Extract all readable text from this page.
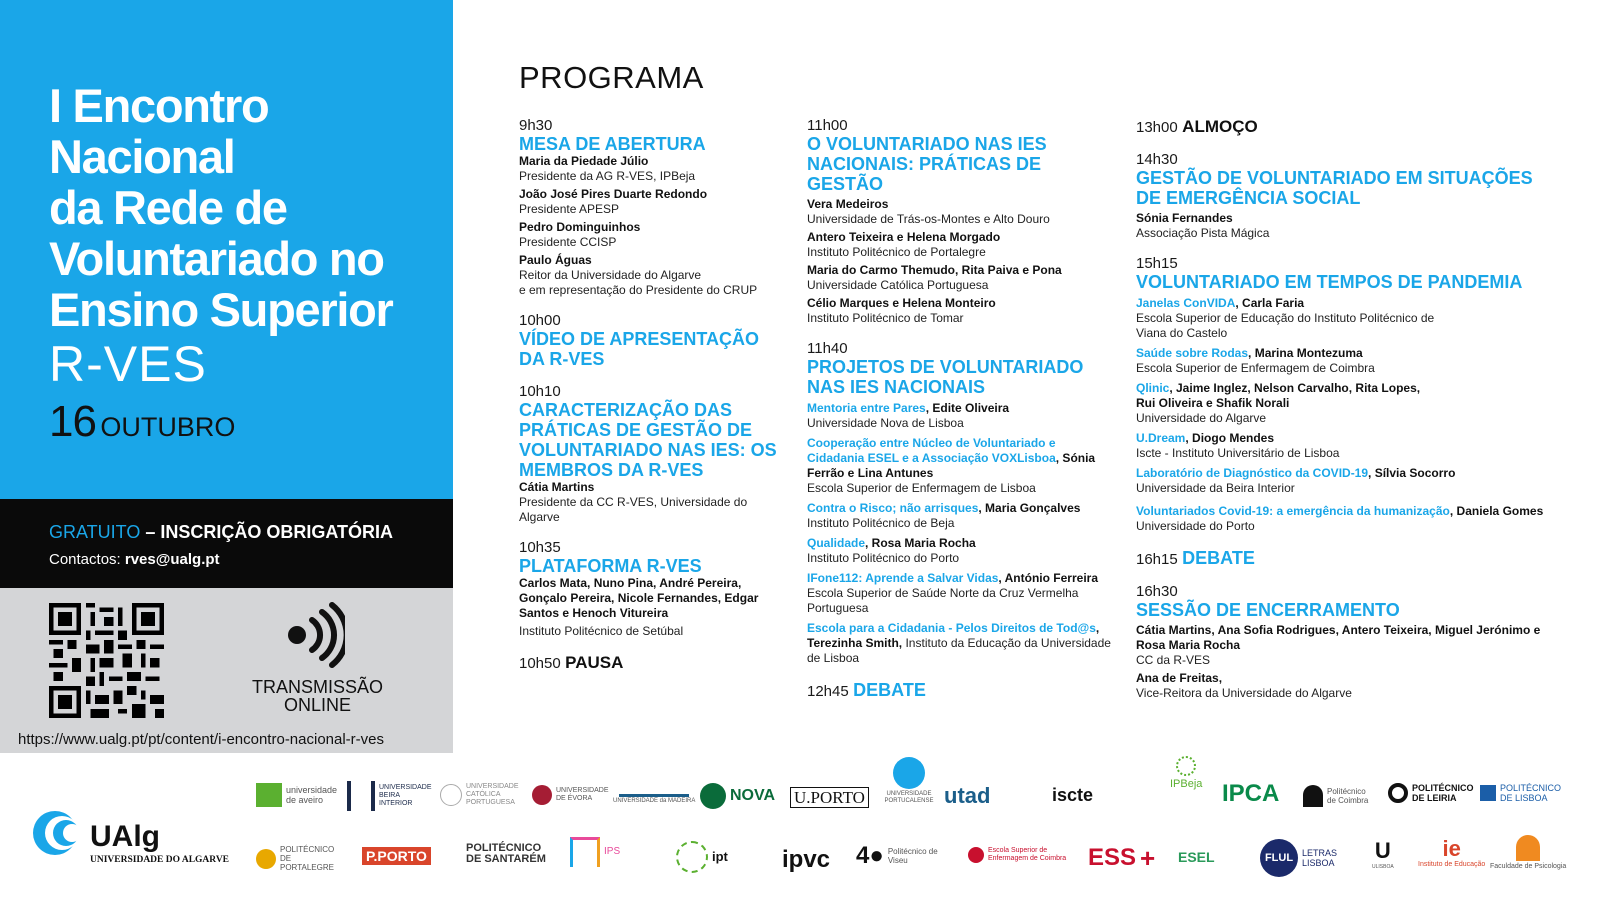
I Encontro
Nacional
da Rede de
Voluntariado no
Ensino Superior
R-VES
16 OUTUBRO
GRATUITO – INSCRIÇÃO OBRIGATÓRIA
Contactos: rves@ualg.pt
TRANSMISSÃO
ONLINE
https://www.ualg.pt/pt/content/i-encontro-nacional-r-ves
PROGRAMA
9h30
MESA DE ABERTURA
Maria da Piedade Júlio
Presidente da AG R-VES, IPBeja
João José Pires Duarte Redondo
Presidente APESP
Pedro Dominguinhos
Presidente CCISP
Paulo Águas
Reitor da Universidade do Algarve
e em representação do Presidente do CRUP
10h00
VÍDEO DE APRESENTAÇÃO
DA R-VES
10h10
CARACTERIZAÇÃO DAS
PRÁTICAS DE GESTÃO DE
VOLUNTARIADO NAS IES: OS
MEMBROS DA R-VES
Cátia Martins
Presidente da CC R-VES, Universidade do Algarve
10h35
PLATAFORMA R-VES
Carlos Mata, Nuno Pina, André Pereira, Gonçalo Pereira, Nicole Fernandes, Edgar Santos e Henoch Vitureira
Instituto Politécnico de Setúbal
10h50 PAUSA
11h00
O VOLUNTARIADO NAS IES
NACIONAIS: PRÁTICAS DE GESTÃO
Vera Medeiros
Universidade de Trás-os-Montes e Alto Douro
Antero Teixeira e Helena Morgado
Instituto Politécnico de Portalegre
Maria do Carmo Themudo, Rita Paiva e Pona
Universidade Católica Portuguesa
Célio Marques e Helena Monteiro
Instituto Politécnico de Tomar
11h40
PROJETOS DE VOLUNTARIADO
NAS IES NACIONAIS
Mentoria entre Pares, Edite Oliveira
Universidade Nova de Lisboa
Cooperação entre Núcleo de Voluntariado e Cidadania ESEL e a Associação VOXLisboa, Sónia Ferrão e Lina Antunes
Escola Superior de Enfermagem de Lisboa
Contra o Risco; não arrisques, Maria Gonçalves
Instituto Politécnico de Beja
Qualidade, Rosa Maria Rocha
Instituto Politécnico do Porto
IFone112: Aprende a Salvar Vidas, António Ferreira
Escola Superior de Saúde Norte da Cruz Vermelha Portuguesa
Escola para a Cidadania - Pelos Direitos de Tod@s, Terezinha Smith, Instituto da Educação da Universidade de Lisboa
12h45 DEBATE
13h00 ALMOÇO
14h30
GESTÃO DE VOLUNTARIADO EM SITUAÇÕES
DE EMERGÊNCIA SOCIAL
Sónia Fernandes
Associação Pista Mágica
15h15
VOLUNTARIADO EM TEMPOS DE PANDEMIA
Janelas ConVIDA, Carla Faria
Escola Superior de Educação do Instituto Politécnico de Viana do Castelo
Saúde sobre Rodas, Marina Montezuma
Escola Superior de Enfermagem de Coimbra
Qlinic, Jaime Inglez, Nelson Carvalho, Rita Lopes, Rui Oliveira e Shafik Norali
Universidade do Algarve
U.Dream, Diogo Mendes
Iscte - Instituto Universitário de Lisboa
Laboratório de Diagnóstico da COVID-19, Sílvia Socorro
Universidade da Beira Interior
Voluntariados Covid-19: a emergência da humanização, Daniela Gomes
Universidade do Porto
16h15 DEBATE
16h30
SESSÃO DE ENCERRAMENTO
Cátia Martins, Ana Sofia Rodrigues, Antero Teixeira, Miguel Jerónimo e Rosa Maria Rocha
CC da R-VES
Ana de Freitas,
Vice-Reitora da Universidade do Algarve
UAlg
UNIVERSIDADE DO ALGARVE
universidade de aveiro
UNIVERSIDADE BEIRA INTERIOR
UNIVERSIDADE CATÓLICA PORTUGUESA
UNIVERSIDADE DE ÉVORA	UNIVERSIDADE da MADEIRA NOVA U.PORTO	UNIVERSIDADE PORTUCALENSE utad	iscte
IPBeja IPCA	Politécnico de Coimbra
POLITÉCNICO DE LEIRIA
POLITÉCNICO DE LISBOA
POLITÉCNICO DE PORTALEGRE
P.PORTO	POLITÉCNICO DE SANTARÉM
IPS	ipt ipvc 4● Politécnico de Viseu
Escola Superior de Enfermagem de Coimbra ESS + ESEL	FLUL LETRAS LISBOA U
ULISBOA
ie
Instituto de Educação Faculdade de Psicologia
